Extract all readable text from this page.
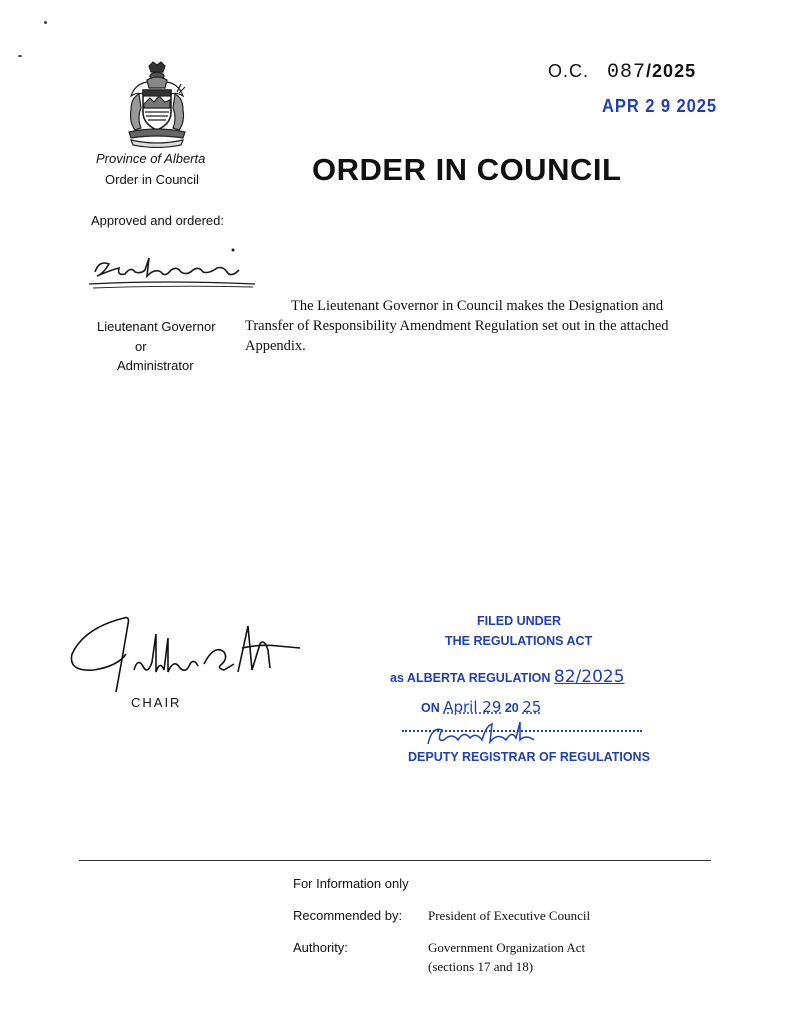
O.C. 087/2025
APR 2 9 2025
Province of Alberta
Order in Council	ORDER IN COUNCIL
Approved and ordered:
Lieutenant Governor
or
Administrator
The Lieutenant Governor in Council makes the Designation and Transfer of Responsibility Amendment Regulation set out in the attached Appendix.
CHAIR
FILED UNDER
THE REGULATIONS ACT
as ALBERTA REGULATION 82/2025
ON April 29 20 25
DEPUTY REGISTRAR OF REGULATIONS
For Information only
Recommended by: President of Executive Council
Authority:	Government Organization Act
(sections 17 and 18)
